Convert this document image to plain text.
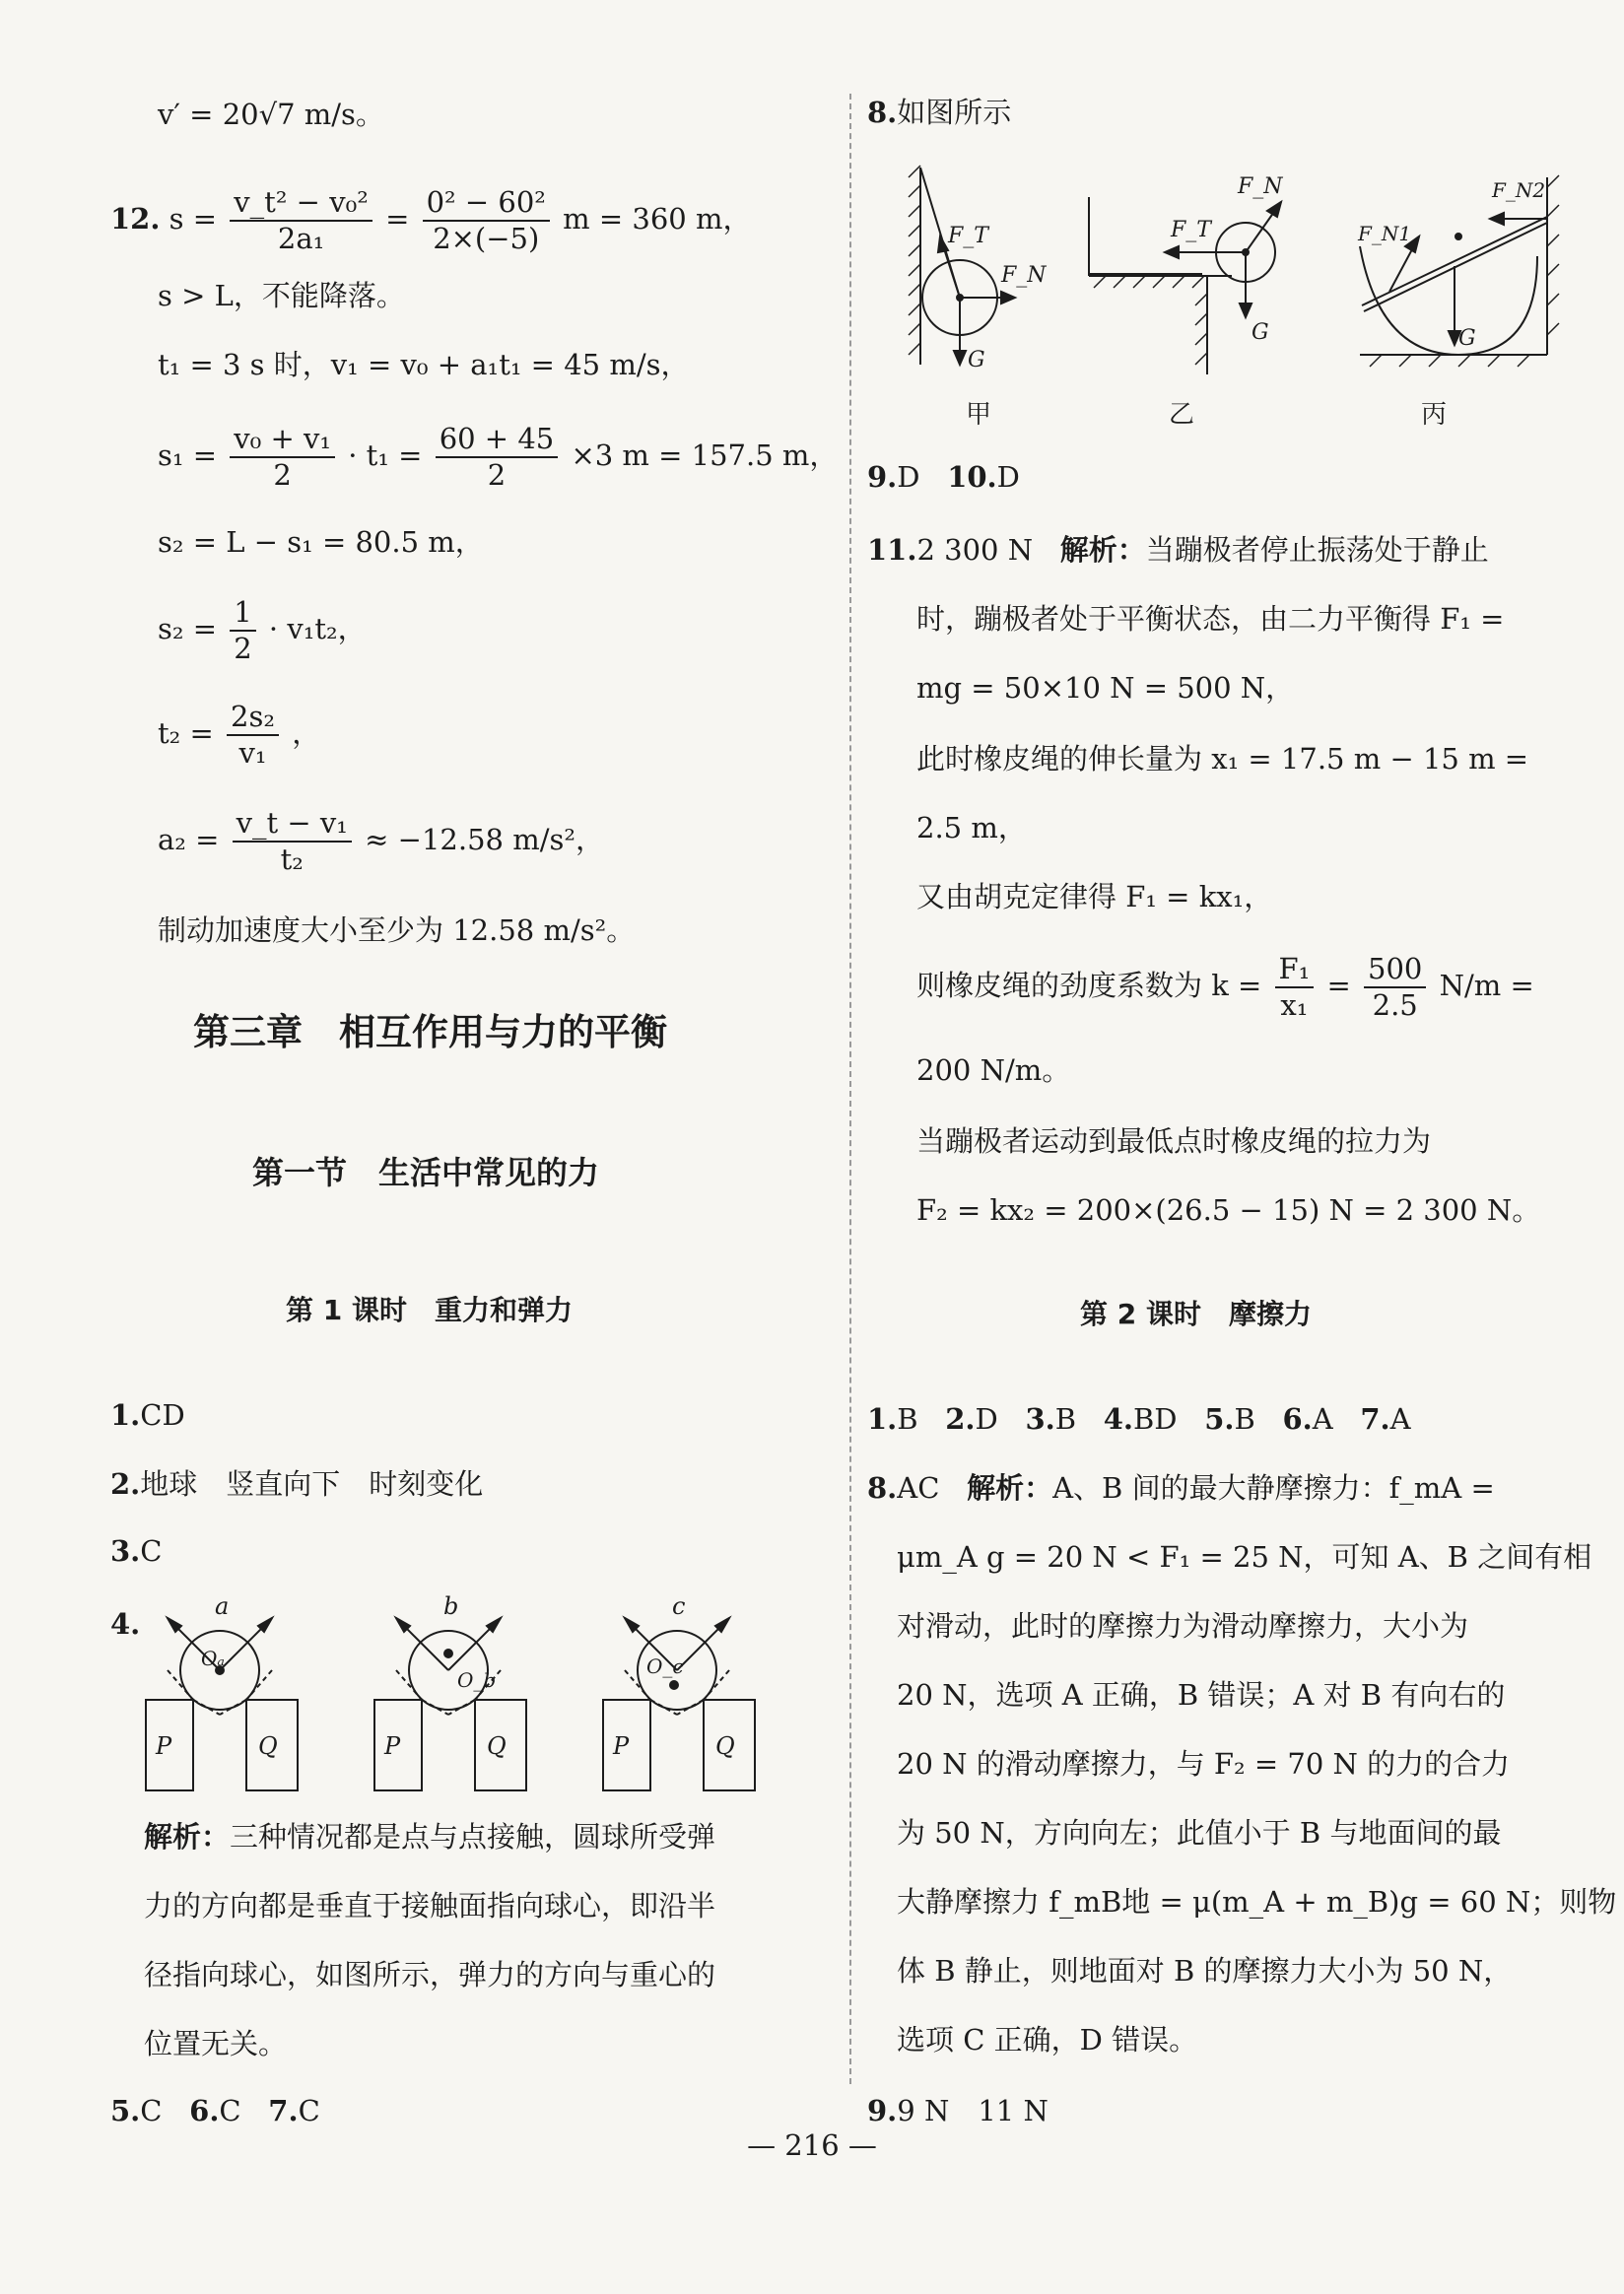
v′ = 20√7 m/s。
12. $s = \frac{\text{v\_t² − v₀²}}{\text{2a₁}} = \frac{\text{0² − 60²}}{2\times(-5)}$ m = 360 m，
s > L，不能降落。
t₁ = 3 s 时，v₁ = v₀ + a₁t₁ = 45 m/s，
$s_1 = \frac{\text{v₀ + v₁}}{2} \cdot t_1 = \frac{60 + 45}{2} \times 3$ m = 157.5 m，
s₂ = L − s₁ = 80.5 m，
$s_2 = \frac{1}{2} \cdot v_1t_2$，
$t_2 = \frac{\text{2s₂}}{\text{v₁}}$ ，
$a_2 = \frac{\text{v\_t − v₁}}{\text{t₂}} \approx -12.58$ m/s²，
制动加速度大小至少为 12.58 m/s²。
第三章　相互作用与力的平衡
第一节　生活中常见的力
第 1 课时　重力和弹力
1.CD
2.地球　竖直向下　时刻变化
3.C
4.
a
Oₐ
P	Q
b
O_b
P	Q
c
O_c
P	Q
解析：三种情况都是点与点接触，圆球所受弹
力的方向都是垂直于接触面指向球心，即沿半
径指向球心，如图所示，弹力的方向与重心的
位置无关。
5.C 6.C 7.C
8.如图所示
F_T
F_N
G
F_T
F_N
G
F_N1
F_N2
G
甲	乙	丙
9.D 10.D
11.2 300 N 解析：当蹦极者停止振荡处于静止
时，蹦极者处于平衡状态，由二力平衡得 F₁ =
mg = 50×10 N = 500 N，
此时橡皮绳的伸长量为 x₁ = 17.5 m − 15 m =
2.5 m，
又由胡克定律得 F₁ = kx₁，
则橡皮绳的劲度系数为 $k = \frac{\text{F₁}}{\text{x₁}} = \frac{500}{2.5} N/m$ =
200 N/m。
当蹦极者运动到最低点时橡皮绳的拉力为
F₂ = kx₂ = 200×(26.5 − 15) N = 2 300 N。
第 2 课时　摩擦力
1.B 2.D 3.B 4.BD 5.B 6.A 7.A
8.AC 解析：A、B 间的最大静摩擦力：f_mA =
μm_A g = 20 N < F₁ = 25 N，可知 A、B 之间有相
对滑动，此时的摩擦力为滑动摩擦力，大小为
20 N，选项 A 正确，B 错误；A 对 B 有向右的
20 N 的滑动摩擦力，与 F₂ = 70 N 的力的合力
为 50 N，方向向左；此值小于 B 与地面间的最
大静摩擦力 f_mB地 = μ(m_A + m_B)g = 60 N；则物
体 B 静止，则地面对 B 的摩擦力大小为 50 N，
选项 C 正确，D 错误。
9.9 N　11 N
— 216 —
